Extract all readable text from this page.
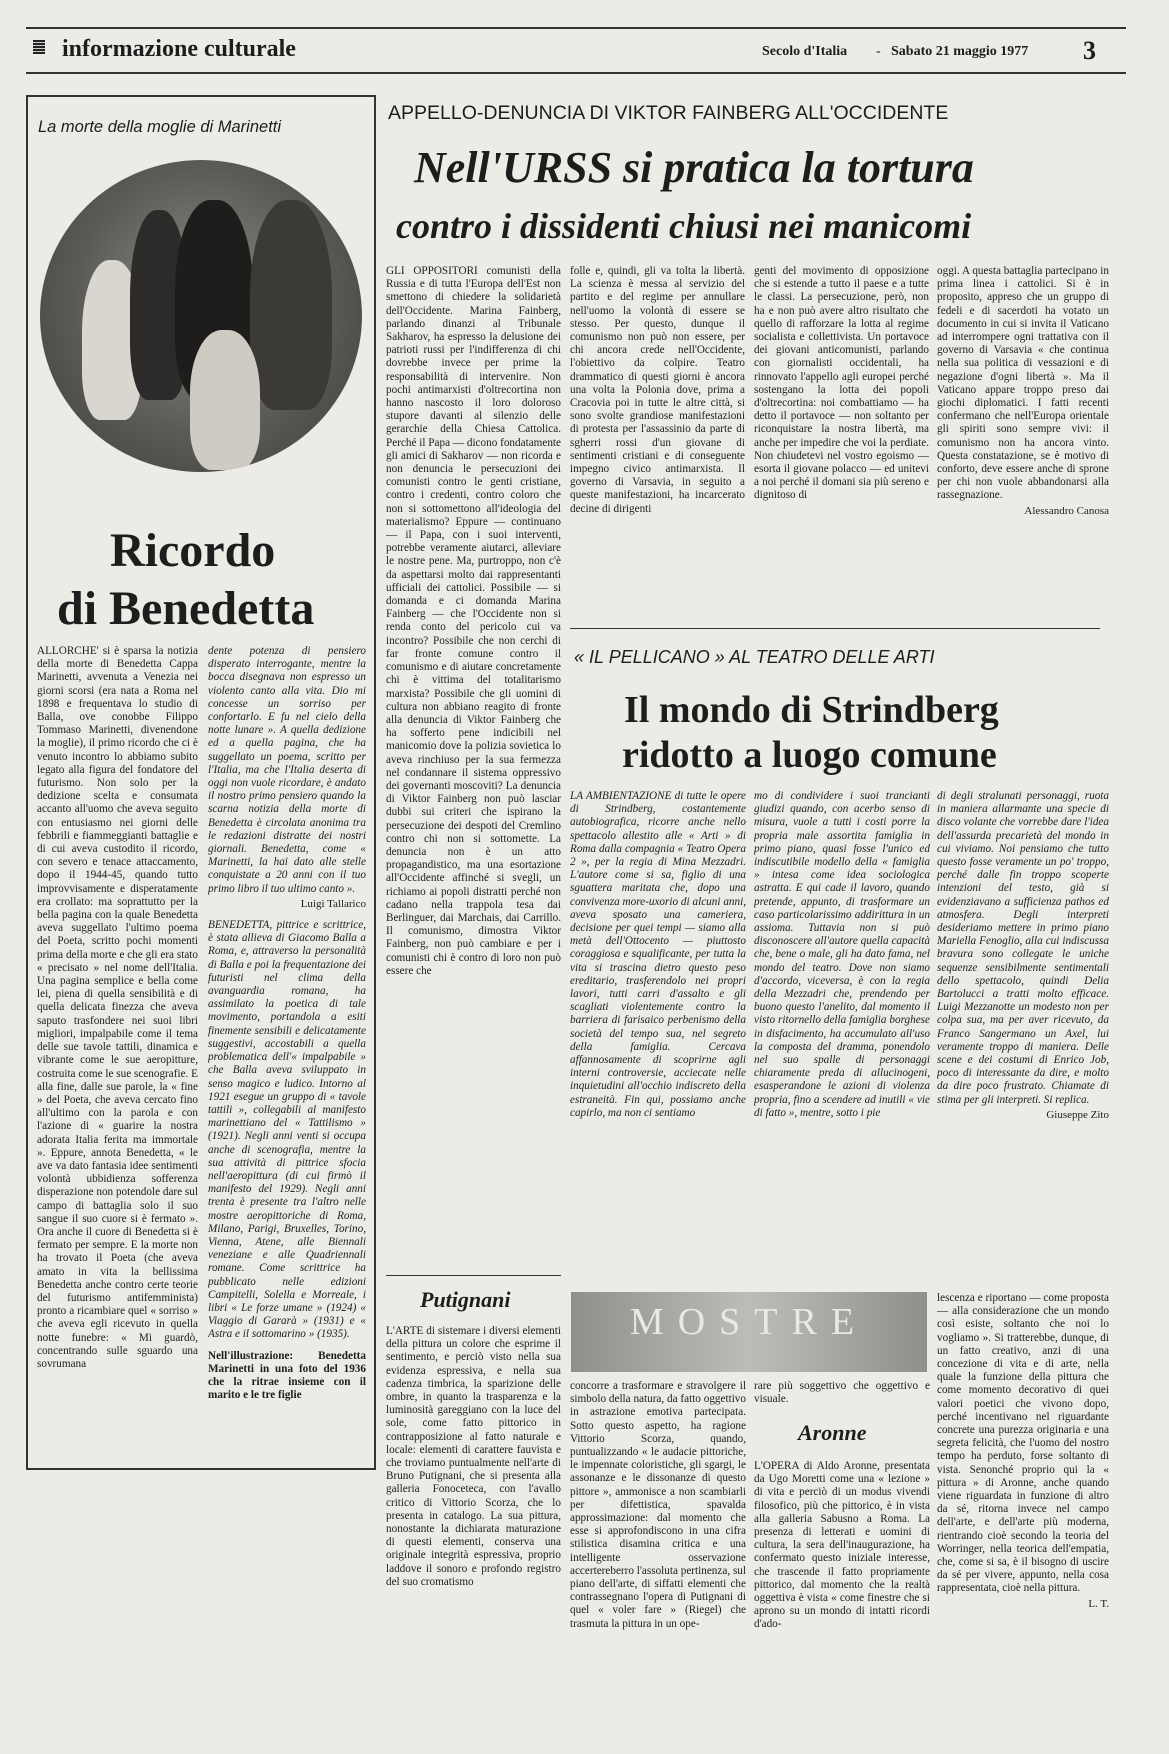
informazione culturale	Secolo d'Italia - Sabato 21 maggio 1977 3
La morte della moglie di Marinetti
Ricordo
di Benedetta

ALLORCHE' si è sparsa la notizia della morte di Benedetta Cappa Marinetti, avvenuta a Venezia nei giorni scorsi (era nata a Roma nel 1898 e frequentava lo studio di Balla, ove conobbe Filippo Tommaso Marinetti, divenendone la moglie), il primo ricordo che ci è venuto incontro lo abbiamo subito legato alla figura del fondatore del futurismo. Non solo per la dedizione scelta e consumata accanto all'uomo che aveva seguito con entusiasmo nei giorni delle febbrili e fiammeggianti battaglie e di cui aveva custodito il ricordo, con severo e tenace attaccamento, dopo il 1944-45, quando tutto improvvisamente e disperatamente era crollato: ma soprattutto per la bella pagina con la quale Benedetta aveva suggellato l'ultimo poema del Poeta, scritto pochi momenti prima della morte e che gli era stato « precisato » nel nome dell'Italia. Una pagina semplice e bella come lei, piena di quella sensibilità e di quella delicata finezza che aveva saputo trasfondere nei suoi libri migliori, impalpabile come il tema delle sue tavole tattili, dinamica e vibrante come le sue aeropitture, costruita come le sue scenografie. E alla fine, dalle sue parole, la « fine » del Poeta, che aveva cercato fino all'ultimo con la parola e con l'azione di « guarire la nostra adorata Italia ferita ma immortale ». Eppure, annota Benedetta, « le ave va dato fantasia idee sentimenti volontà ubbidienza sofferenza disperazione non potendole dare sul campo di battaglia solo il suo sangue il suo cuore si è fermato ». Ora anche il cuore di Benedetta si è fermato per sempre. E la morte non ha trovato il Poeta (che aveva amato in vita la bellissima Benedetta anche contro certe teorie del futurismo antifemminista) pronto a ricambiare quel « sorriso » che aveva egli ricevuto in quella notte funebre: « Mi guardò, concentrando sulle sguardo una sovrumana

dente potenza di pensiero disperato interrogante, mentre la bocca disegnava non espresso un violento canto alla vita. Dio mi concesse un sorriso per confortarlo. E fu nel cielo della notte lunare ». A quella dedizione ed a quella pagina, che ha suggellato un poema, scritto per l'Italia, ma che l'Italia deserta di oggi non vuole ricordare, è andato il nostro primo pensiero quando la scarna notizia della morte di Benedetta è circolata anonima tra le redazioni distratte dei nostri giornali. Benedetta, come « Marinetti, la hai dato alle stelle conquistate a 20 anni con il tuo primo libro il tuo ultimo canto ».

Luigi Tallarico

BENEDETTA, pittrice e scrittrice, è stata allieva di Giacomo Balla a Roma, e, attraverso la personalità di Balla e poi la frequentazione dei futuristi nel clima della avanguardia romana, ha assimilato la poetica di tale movimento, portandola a esiti finemente sensibili e delicatamente suggestivi, accostabili a quella problematica dell'« impalpabile » che Balla aveva sviluppato in senso magico e ludico. Intorno al 1921 esegue un gruppo di « tavole tattili », collegabili al manifesto marinettiano del « Tattilismo » (1921). Negli anni venti si occupa anche di scenografia, mentre la sua attività di pittrice sfocia nell'aeropittura (di cui firmò il manifesto del 1929). Negli anni trenta è presente tra l'altro nelle mostre aeropittoriche di Roma, Milano, Parigi, Bruxelles, Torino, Vienna, Atene, alle Biennali veneziane e alle Quadriennali romane. Come scrittrice ha pubblicato nelle edizioni Campitelli, Solella e Morreale, i libri « Le forze umane » (1924) « Viaggio di Gararà » (1931) e « Astra e il sottomarino » (1935).

Nell'illustrazione: Benedetta Marinetti in una foto del 1936 che la ritrae insieme con il marito e le tre figlie

APPELLO-DENUNCIA DI VIKTOR FAINBERG ALL'OCCIDENTE
Nell'URSS si pratica la tortura
contro i dissidenti chiusi nei manicomi

GLI OPPOSITORI comunisti della Russia e di tutta l'Europa dell'Est non smettono di chiedere la solidarietà dell'Occidente. Marina Fainberg, parlando dinanzi al Tribunale Sakharov, ha espresso la delusione dei patrioti russi per l'indifferenza di chi dovrebbe invece per prime la responsabilità di intervenire. Non pochi antimarxisti d'oltrecortina non hanno nascosto il loro doloroso stupore davanti al silenzio delle gerarchie della Chiesa Cattolica. Perché il Papa — dicono fondatamente gli amici di Sakharov — non ricorda e non denuncia le persecuzioni dei comunisti contro le genti cristiane, contro i credenti, contro coloro che non si sottomettono all'ideologia del materialismo? Eppure — continuano — il Papa, con i suoi interventi, potrebbe veramente aiutarci, alleviare le nostre pene. Ma, purtroppo, non c'è da aspettarsi molto dai rappresentanti ufficiali dei cattolici. Possibile — si domanda e ci domanda Marina Fainberg — che l'Occidente non si renda conto del pericolo cui va incontro? Possibile che non cerchi di far fronte comune contro il comunismo e di aiutare concretamente chi è vittima del totalitarismo marxista? Possibile che gli uomini di cultura non abbiano reagito di fronte alla denuncia di Viktor Fainberg che ha sofferto pene indicibili nel manicomio dove la polizia sovietica lo aveva rinchiuso per la sua fermezza nel condannare il sistema oppressivo dei governanti moscoviti? La denuncia di Viktor Fainberg non può lasciar dubbi sui criteri che ispirano la persecuzione dei despoti del Cremlino contro chi non si sottomette. La denuncia non è un atto propagandistico, ma una esortazione all'Occidente affinché si svegli, un richiamo ai popoli distratti perché non cadano nella trappola tesa dai Berlinguer, dai Marchais, dai Carrillo. Il comunismo, dimostra Viktor Fainberg, non può cambiare e per i comunisti chi è contro di loro non può essere che

folle e, quindi, gli va tolta la libertà. La scienza è messa al servizio del partito e del regime per annullare nell'uomo la volontà di essere se stesso. Per questo, dunque il comunismo non può non essere, per chi ancora crede nell'Occidente, l'obiettivo da colpire. Teatro drammatico di questi giorni è ancora una volta la Polonia dove, prima a Cracovia poi in tutte le altre città, si sono svolte grandiose manifestazioni di protesta per l'assassinio da parte di sgherri rossi d'un giovane di sentimenti cristiani e di conseguente impegno civico antimarxista. Il governo di Varsavia, in seguito a queste manifestazioni, ha incarcerato decine di dirigenti

genti del movimento di opposizione che si estende a tutto il paese e a tutte le classi. La persecuzione, però, non ha e non può avere altro risultato che quello di rafforzare la lotta al regime socialista e collettivista. Un portavoce dei giovani anticomunisti, parlando con giornalisti occidentali, ha rinnovato l'appello agli europei perché sostengano la lotta dei popoli d'oltrecortina: noi combattiamo — ha detto il portavoce — non soltanto per riconquistare la nostra libertà, ma anche per impedire che voi la perdiate. Non chiudetevi nel vostro egoismo — esorta il giovane polacco — ed unitevi a noi perché il domani sia più sereno e dignitoso di

oggi. A questa battaglia partecipano in prima linea i cattolici. Si è in proposito, appreso che un gruppo di fedeli e di sacerdoti ha votato un documento in cui si invita il Vaticano ad interrompere ogni trattativa con il governo di Varsavia « che continua nella sua politica di vessazioni e di negazione d'ogni libertà ». Ma il Vaticano appare troppo preso dai giochi diplomatici. I fatti recenti confermano che nell'Europa orientale gli spiriti sono sempre vivi: il comunismo non ha ancora vinto. Questa constatazione, se è motivo di conforto, deve essere anche di sprone per chi non vuole abbandonarsi alla rassegnazione.

Alessandro Canosa
« IL PELLICANO » AL TEATRO DELLE ARTI
Il mondo di Strindberg
ridotto a luogo comune

LA AMBIENTAZIONE di tutte le opere di Strindberg, costantemente autobiografica, ricorre anche nello spettacolo allestito alle « Arti » di Roma dalla compagnia « Teatro Opera 2 », per la regia di Mina Mezzadri. L'autore come si sa, figlio di una sguattera maritata che, dopo una convivenza more-uxorio di alcuni anni, aveva sposato una cameriera, decisione per quei tempi — siamo alla metà dell'Ottocento — piuttosto coraggiosa e squalificante, per tutta la vita si trascina dietro questo peso ereditario, trasferendolo nei propri lavori, tutti carri d'assalto e gli scagliati violentemente contro la barriera di farisaico perbenismo della società del tempo sua, nel segreto della famiglia. Cercava affannosamente di scoprirne agli interni controversie, acciecate nelle inquietudini all'occhio indiscreto della estraneità. Fin qui, possiamo anche capirlo, ma non ci sentiamo

mo di condividere i suoi trancianti giudizi quando, con acerbo senso di misura, vuole a tutti i costi porre la propria male assortita famiglia in primo piano, quasi fosse l'unico ed indiscutibile modello della « famiglia » intesa come idea sociologica astratta. E qui cade il lavoro, quando pretende, appunto, di trasformare un caso particolarissimo addirittura in un assioma. Tuttavia non si può disconoscere all'autore quella capacità che, bene o male, gli ha dato fama, nel mondo del teatro. Dove non siamo d'accordo, viceversa, è con la regia della Mezzadri che, prendendo per buono questo l'anelito, dal momento il visto ritornello della famiglia borghese in disfacimento, ha accumulato all'uso la composta del dramma, ponendolo nel suo spalle di personaggi chiaramente preda di allucinogeni, esasperandone le azioni di violenza propria, fino a scendere ad inutili « vie di fatto », mentre, sotto i pie

di degli stralunati personaggi, ruota in maniera allarmante una specie di disco volante che vorrebbe dare l'idea dell'assurda precarietà del mondo in cui viviamo. Noi pensiamo che tutto questo fosse veramente un po' troppo, perché dalle fin troppo scoperte intenzioni del testo, già si evidenziavano a sufficienza pathos ed atmosfera. Degli interpreti desideriamo mettere in primo piano Mariella Fenoglio, alla cui indiscussa bravura sono collegate le uniche sequenze sensibilmente sentimentali dello spettacolo, quindi Delia Bartolucci a tratti molto efficace. Luigi Mezzanotte un modesto non per colpa sua, ma per aver ricevuto, da Franco Sangermano un Axel, lui veramente troppo di maniera. Delle scene e dei costumi di Enrico Job, poco di interessante da dire, e molto da dire poco frustrato. Chiamate di stima per gli interpreti. Si replica.

Giuseppe Zito
Putignani

L'ARTE di sistemare i diversi elementi della pittura un colore che esprime il sentimento, e perciò visto nella sua evidenza espressiva, e nella sua cadenza timbrica, la sparizione delle ombre, in quanto la trasparenza e la luminosità gareggiano con la luce del sole, come fatto pittorico in contrapposizione al fatto naturale e locale: elementi di carattere fauvista e che troviamo puntualmente nell'arte di Bruno Putignani, che si presenta alla galleria Fonoceteca, con l'avallo critico di Vittorio Scorza, che lo presenta in catalogo. La sua pittura, nonostante la dichiarata maturazione di questi elementi, conserva una originale integrità espressiva, proprio laddove il sonoro e profondo registro del suo cromatismo

MOSTRE

concorre a trasformare e stravolgere il simbolo della natura, da fatto oggettivo in astrazione emotiva partecipata. Sotto questo aspetto, ha ragione Vittorio Scorza, quando, puntualizzando « le audacie pittoriche, le impennate coloristiche, gli sgargi, le assonanze e le dissonanze di questo pittore », ammonisce a non scambiarli per difettistica, spavalda approssimazione: dal momento che esse si approfondiscono in una cifra stilistica disamina critica e una intelligente osservazione accertereberro l'assoluta pertinenza, sul piano dell'arte, di siffatti elementi che contrassegnano l'opera di Putignani di quel « voler fare » (Riegel) che trasmuta la pittura in un ope-

rare più soggettivo che oggettivo e visuale.

Aronne

L'OPERA di Aldo Aronne, presentata da Ugo Moretti come una « lezione » di vita e perciò di un modus vivendi filosofico, più che pittorico, è in vista alla galleria Sabusno a Roma. La presenza di letterati e uomini di cultura, la sera dell'inaugurazione, ha confermato questo iniziale interesse, che trascende il fatto propriamente pittorico, dal momento che la realtà oggettiva è vista « come finestre che si aprono su un mondo di intatti ricordi d'ado-

lescenza e riportano — come proposta — alla considerazione che un mondo così esiste, soltanto che noi lo vogliamo ». Si tratterebbe, dunque, di un fatto creativo, anzi di una concezione di vita e di arte, nella quale la funzione della pittura che come momento decorativo di quei valori poetici che vivono dopo, perché incentivano nel riguardante concrete una purezza originaria e una segreta felicità, che l'uomo del nostro tempo ha perduto, forse soltanto di vista. Senonché proprio qui la « pittura » di Aronne, anche quando viene riguardata in funzione di altro da sé, ritorna invece nel campo dell'arte, e dell'arte più moderna, rientrando cioè secondo la teoria del Worringer, nella teorica dell'empatia, che, come si sa, è il bisogno di uscire da sé per vivere, appunto, nella cosa rappresentata, cioè nella pittura.

L. T.
